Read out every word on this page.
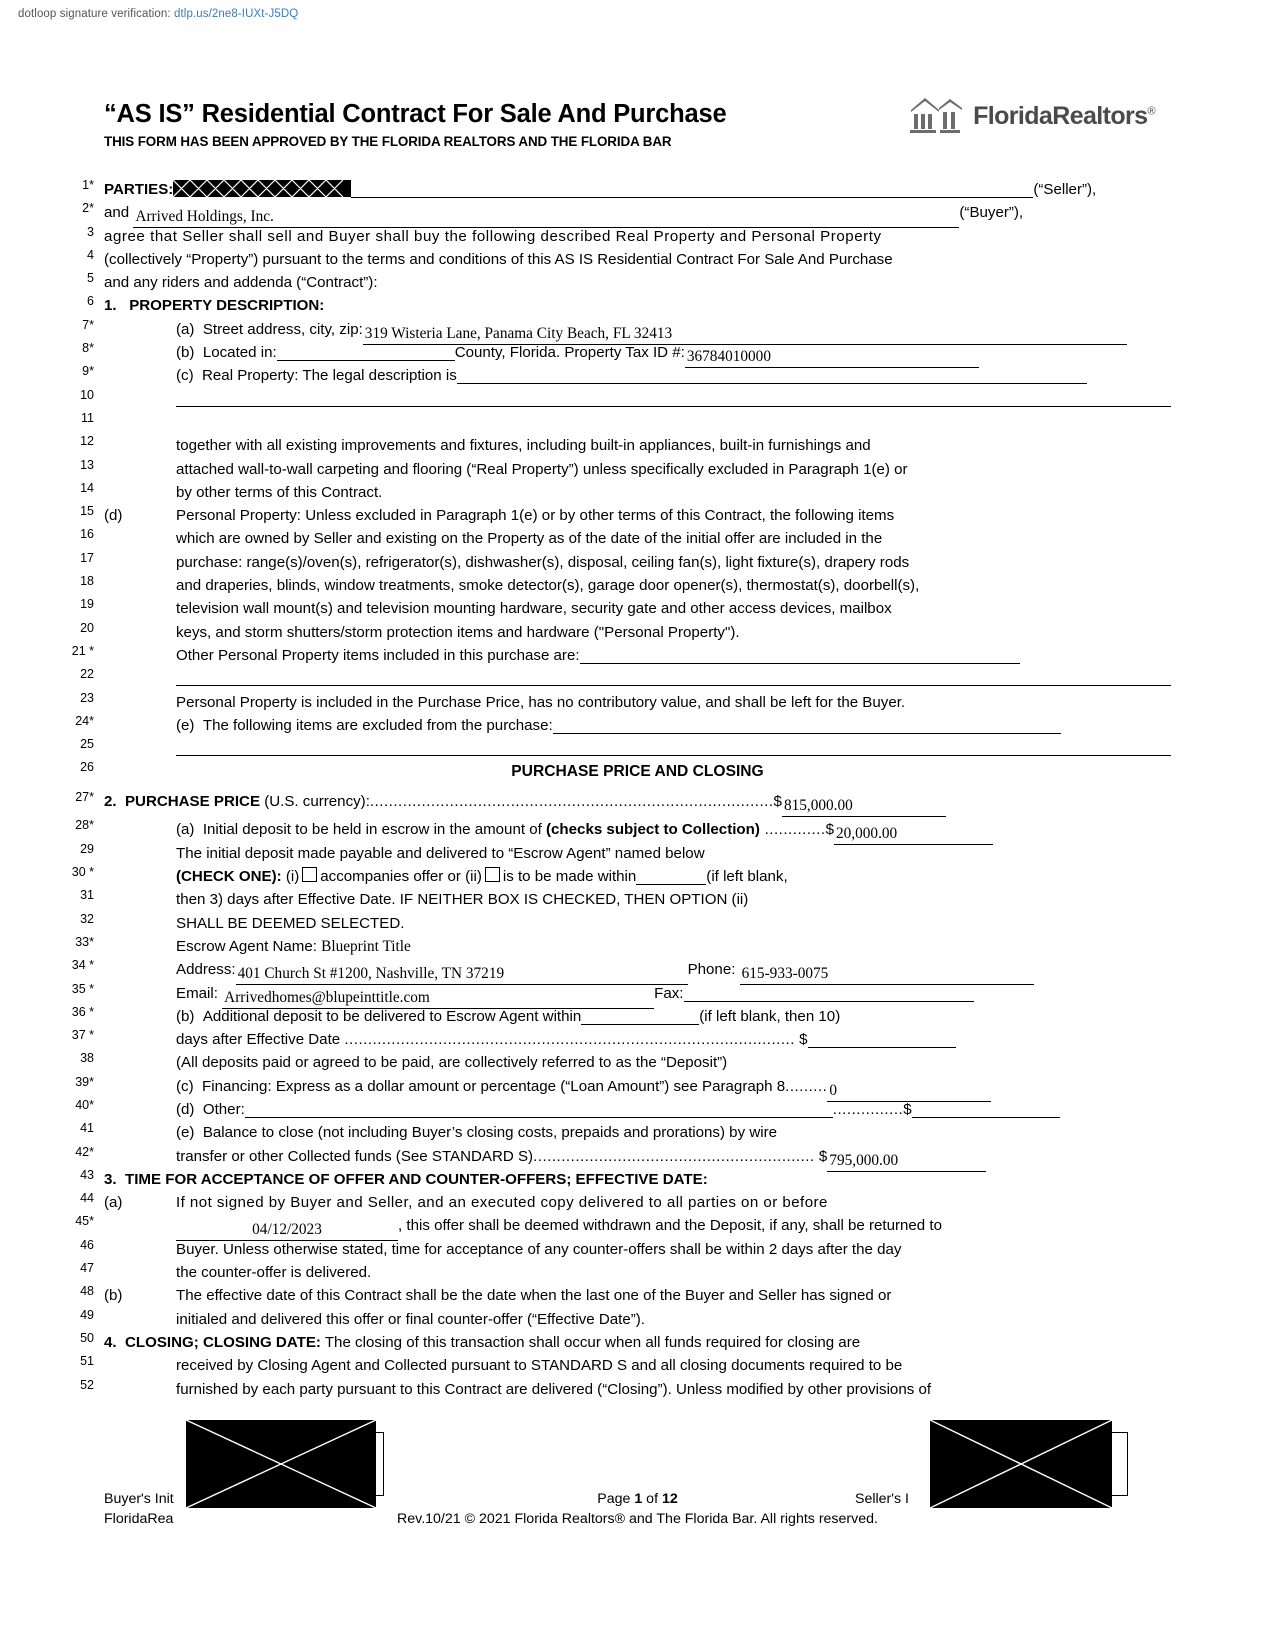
dotloop signature verification: dtlp.us/2ne8-IUXt-J5DQ
“AS IS” Residential Contract For Sale And Purchase
THIS FORM HAS BEEN APPROVED BY THE FLORIDA REALTORS AND THE FLORIDA BAR
FloridaRealtors®
1* PARTIES:	(“Seller”),
2* and Arrived Holdings, Inc.	(“Buyer”),
3 agree that Seller shall sell and Buyer shall buy the following described Real Property and Personal Property
4 (collectively “Property”) pursuant to the terms and conditions of this AS IS Residential Contract For Sale And Purchase
5 and any riders and addenda (“Contract”):
6 1. PROPERTY DESCRIPTION:
7*	(a) Street address, city, zip: 319 Wisteria Lane, Panama City Beach, FL 32413
8*	(b) Located in:	County, Florida. Property Tax ID #: 36784010000
9*	(c) Real Property: The legal description is
10
11
12	together with all existing improvements and fixtures, including built-in appliances, built-in furnishings and
13	attached wall-to-wall carpeting and flooring (“Real Property”) unless specifically excluded in Paragraph 1(e) or
14	by other terms of this Contract.
15 (d)	Personal Property: Unless excluded in Paragraph 1(e) or by other terms of this Contract, the following items
16	which are owned by Seller and existing on the Property as of the date of the initial offer are included in the
17	purchase: range(s)/oven(s), refrigerator(s), dishwasher(s), disposal, ceiling fan(s), light fixture(s), drapery rods
18	and draperies, blinds, window treatments, smoke detector(s), garage door opener(s), thermostat(s), doorbell(s),
19	television wall mount(s) and television mounting hardware, security gate and other access devices, mailbox
20	keys, and storm shutters/storm protection items and hardware ("Personal Property").
21 *	Other Personal Property items included in this purchase are:
22
23	Personal Property is included in the Purchase Price, has no contributory value, and shall be left for the Buyer.
24*	(e) The following items are excluded from the purchase:
25
26	PURCHASE PRICE AND CLOSING
27* 2. PURCHASE PRICE (U.S. currency):......................................................................................$ 815,000.00
28*	(a) Initial deposit to be held in escrow in the amount of (checks subject to Collection) .............$ 20,000.00
29	The initial deposit made payable and delivered to “Escrow Agent” named below
30 *	(CHECK ONE): (i) accompanies offer or (ii) is to be made within	(if left blank,
31	then 3) days after Effective Date. IF NEITHER BOX IS CHECKED, THEN OPTION (ii)
32	SHALL BE DEEMED SELECTED.
33*	Escrow Agent Name: Blueprint Title
34 *	Address: 401 Church St #1200, Nashville, TN 37219	Phone: 615-933-0075
35 *	Email: Arrivedhomes@blupeinttitle.com	Fax:
36 *	(b) Additional deposit to be delivered to Escrow Agent within	(if left blank, then 10)
37 *	days after Effective Date ................................................................................................ $
38	(All deposits paid or agreed to be paid, are collectively referred to as the “Deposit”)
39*	(c) Financing: Express as a dollar amount or percentage (“Loan Amount”) see Paragraph 8......... 0
40*	(d) Other:	...............$
41	(e) Balance to close (not including Buyer’s closing costs, prepaids and prorations) by wire
42*	transfer or other Collected funds (See STANDARD S)............................................................ $ 795,000.00
43 3. TIME FOR ACCEPTANCE OF OFFER AND COUNTER-OFFERS; EFFECTIVE DATE:
44 (a)	If not signed by Buyer and Seller, and an executed copy delivered to all parties on or before
45*	04/12/2023	, this offer shall be deemed withdrawn and the Deposit, if any, shall be returned to
46	Buyer. Unless otherwise stated, time for acceptance of any counter-offers shall be within 2 days after the day
47	the counter-offer is delivered.
48 (b)	The effective date of this Contract shall be the date when the last one of the Buyer and Seller has signed or
49	initialed and delivered this offer or final counter-offer (“Effective Date”).
50 4. CLOSING; CLOSING DATE: The closing of this transaction shall occur when all funds required for closing are
51	received by Closing Agent and Collected pursuant to STANDARD S and all closing documents required to be
52	furnished by each party pursuant to this Contract are delivered (“Closing”). Unless modified by other provisions of
Buyer's Init	Page 1 of 12	Seller's I
FloridaRea	Rev.10/21 © 2021 Florida Realtors® and The Florida Bar. All rights reserved.
